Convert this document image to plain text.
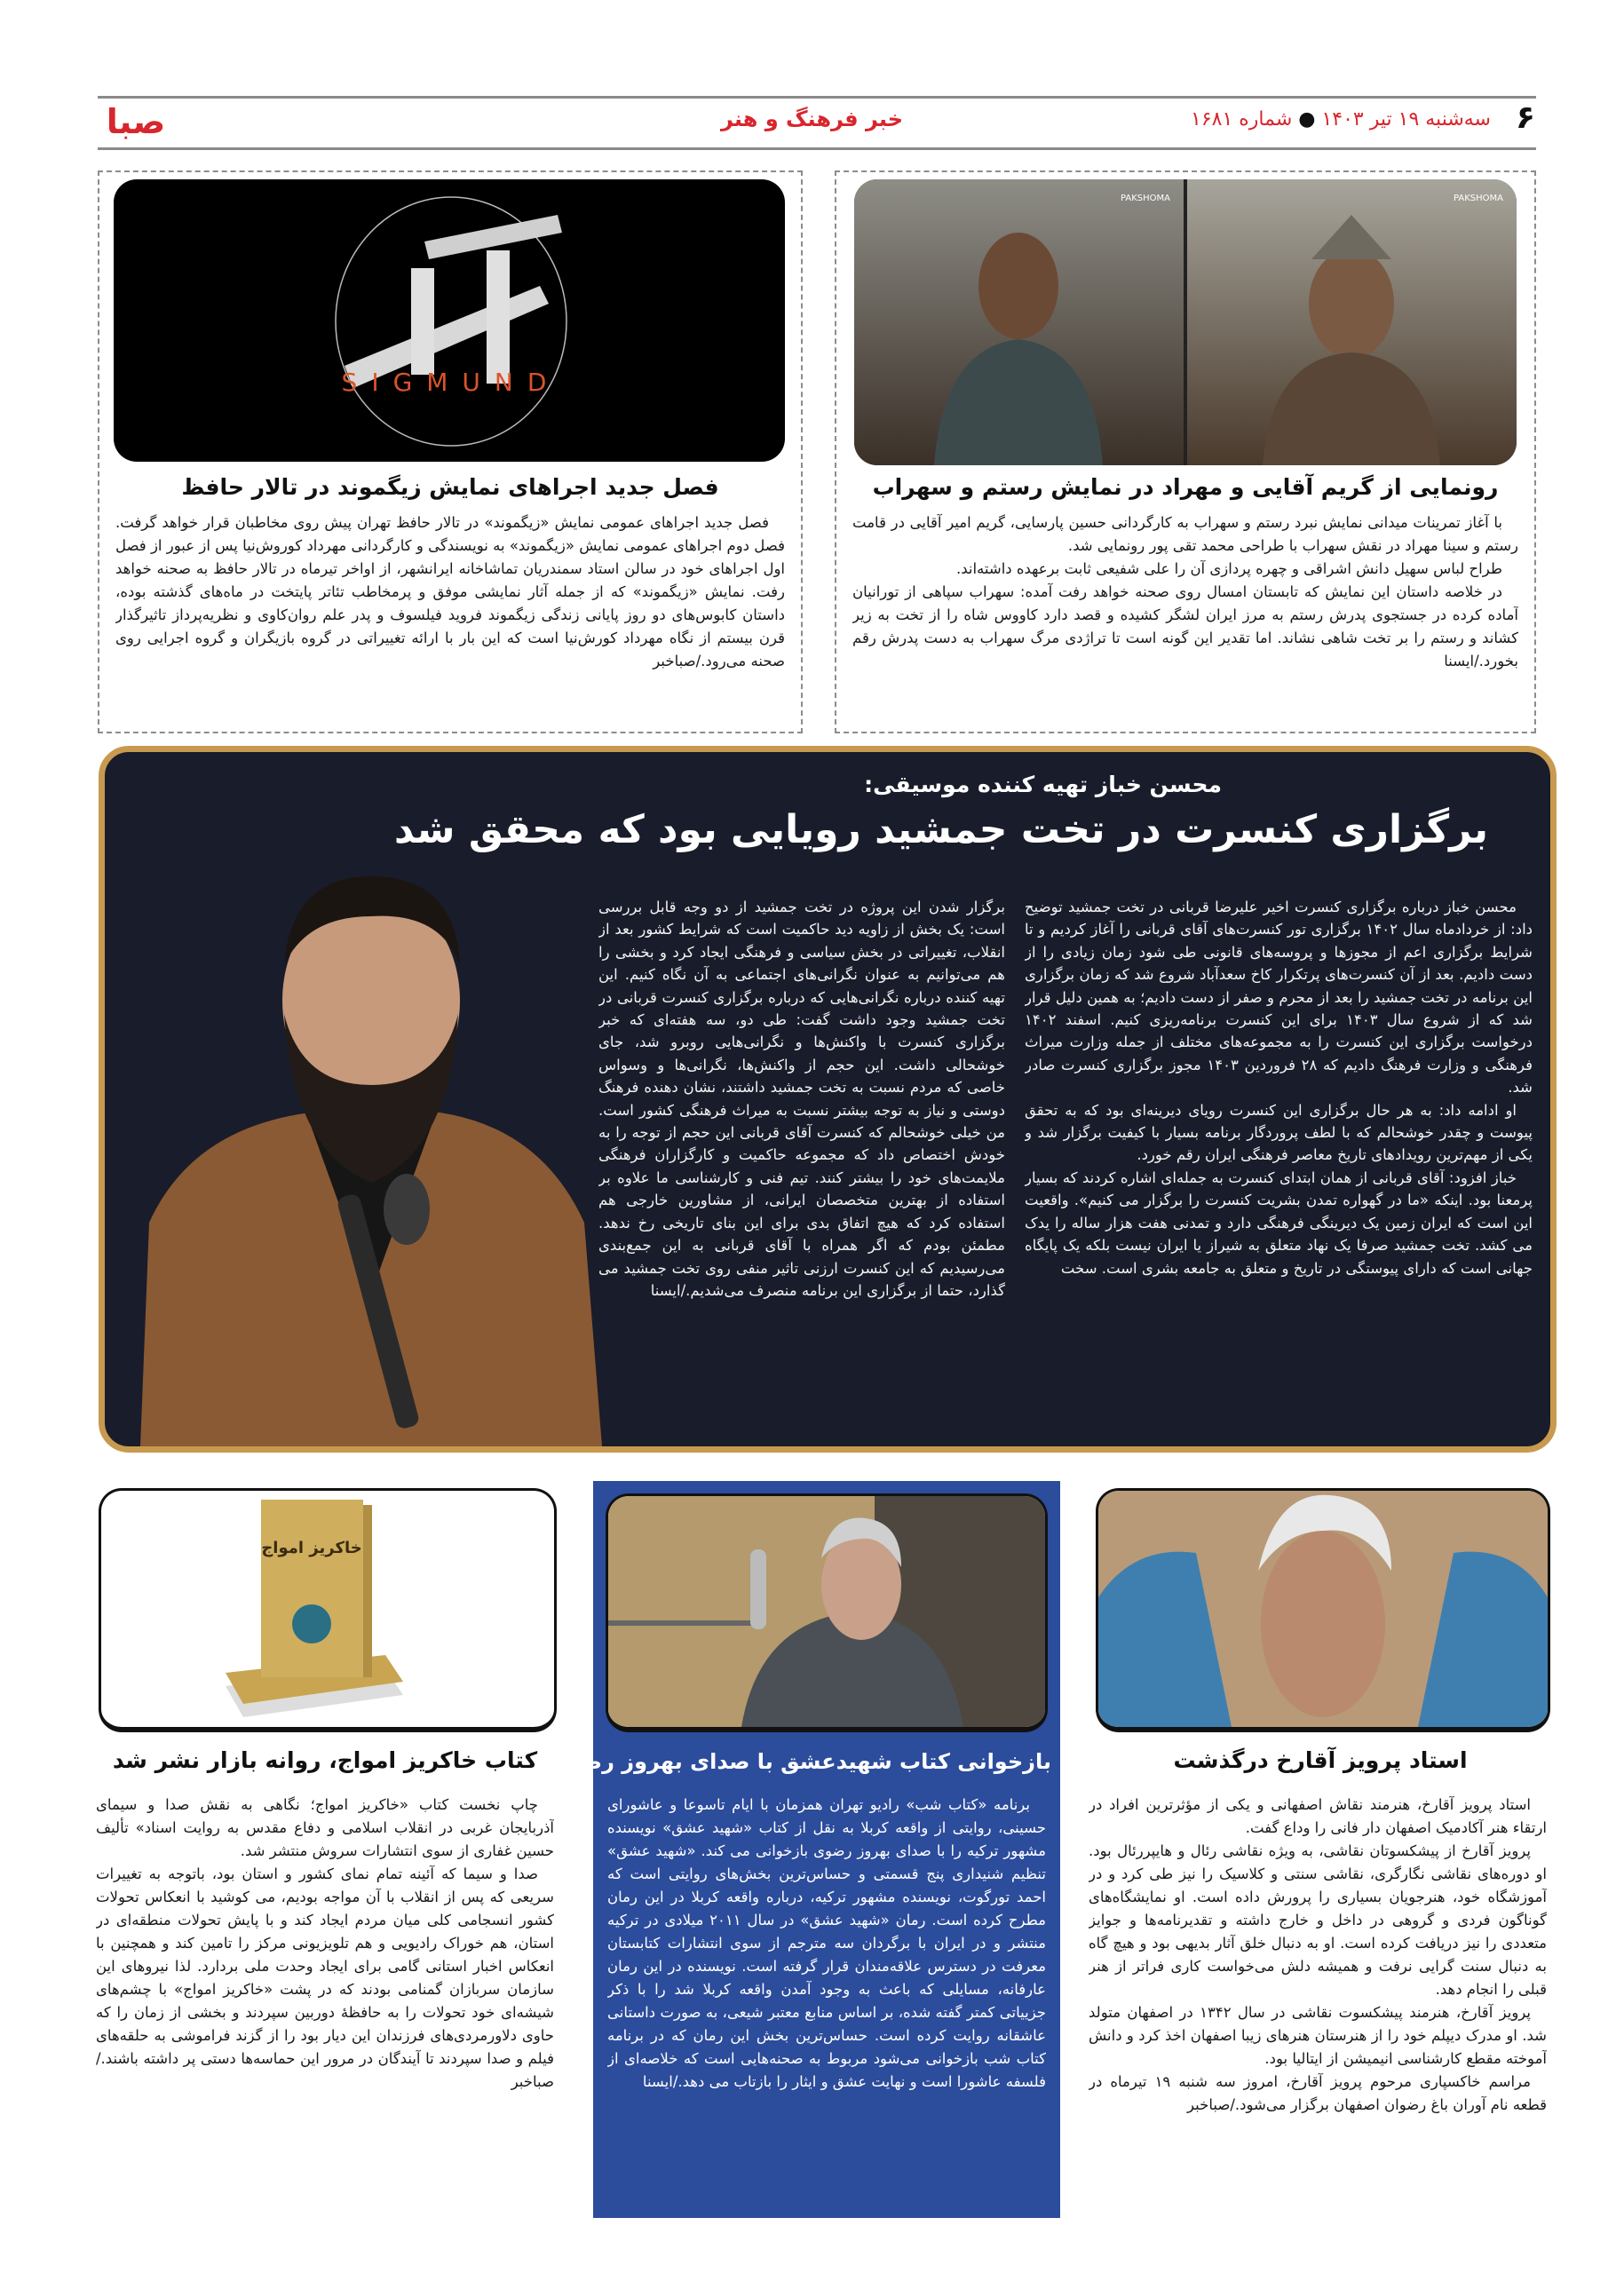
۶
سه‌شنبه ۱۹ تیر ۱۴۰۳ ● شماره ۱۶۸۱
خبر فرهنگ و هنر
صبا
PAKSHOMA	PAKSHOMA
رونمایی از گریم آقایی و مهراد در نمایش رستم و سهراب

با آغاز تمرینات میدانی نمایش نبرد رستم و سهراب به کارگردانی حسین پارسایی، گریم امیر آقایی در قامت رستم و سینا مهراد در نقش سهراب با طراحی محمد تقی پور رونمایی شد.

طراح لباس سهیل دانش اشراقی و چهره پردازی آن را علی شفیعی ثابت برعهده داشته‌اند.

در خلاصه داستان این نمایش که تابستان امسال روی صحنه خواهد رفت آمده: سهراب سپاهی از تورانیان آماده کرده در جستجوی پدرش رستم به مرز ایران لشگر کشیده و قصد دارد کاووس شاه را از تخت به زیر کشاند و رستم را بر تخت شاهی نشاند. اما تقدیر این گونه است تا تراژدی مرگ سهراب به دست پدرش رقم بخورد./ایسنا

SIGMUND
فصل جدید اجراهای نمایش زیگموند در تالار حافظ

فصل جدید اجراهای عمومی نمایش «زیگموند» در تالار حافظ تهران پیش روی مخاطبان قرار خواهد گرفت. فصل دوم اجراهای عمومی نمایش «زیگموند» به نویسندگی و کارگردانی مهرداد کوروش‌نیا پس از عبور از فصل اول اجراهای خود در سالن استاد سمندریان تماشاخانه ایرانشهر، از اواخر تیرماه در تالار حافظ به صحنه خواهد رفت. نمایش «زیگموند» که از جمله آثار نمایشی موفق و پرمخاطب تئاتر پایتخت در ماه‌های گذشته بوده، داستان کابوس‌های دو روز پایانی زندگی زیگموند فروید فیلسوف و پدر علم روان‌کاوی و نظریه‌پرداز تاثیرگذار قرن بیستم از نگاه مهرداد کورش‌نیا است که این بار با ارائه تغییراتی در گروه بازیگران و گروه اجرایی روی صحنه می‌رود./صباخبر

محسن خباز تهیه کننده موسیقی:
برگزاری کنسرت در تخت جمشید رویایی بود که محقق شد

محسن خباز درباره برگزاری کنسرت اخیر علیرضا قربانی در تخت جمشید توضیح داد: از خردادماه سال ۱۴۰۲ برگزاری تور کنسرت‌های آقای قربانی را آغاز کردیم و تا شرایط برگزاری اعم از مجوزها و پروسه‌های قانونی طی شود زمان زیادی را از دست دادیم. بعد از آن کنسرت‌های پرتکرار کاخ سعدآباد شروع شد که زمان برگزاری این برنامه در تخت جمشید را بعد از محرم و صفر از دست دادیم؛ به همین دلیل قرار شد که از شروع سال ۱۴۰۳ برای این کنسرت برنامه‌ریزی کنیم. اسفند ۱۴۰۲ درخواست برگزاری این کنسرت را به مجموعه‌های مختلف از جمله وزارت میراث فرهنگی و وزارت فرهنگ دادیم که ۲۸ فروردین ۱۴۰۳ مجوز برگزاری کنسرت صادر شد.

او ادامه داد: به هر حال برگزاری این کنسرت رویای دیرینه‌ای بود که به تحقق پیوست و چقدر خوشحالم که با لطف پروردگار برنامه بسیار با کیفیت برگزار شد و یکی از مهم‌ترین رویدادهای تاریخ معاصر فرهنگی ایران رقم خورد.

خباز افزود: آقای قربانی از همان ابتدای کنسرت به جمله‌ای اشاره کردند که بسیار پرمعنا بود. اینکه «ما در گهواره تمدن بشریت کنسرت را برگزار می کنیم». واقعیت این است که ایران زمین یک دیرینگی فرهنگی دارد و تمدنی هفت هزار ساله را یدک می کشد. تخت جمشید صرفا یک نهاد متعلق به شیراز یا ایران نیست بلکه یک پایگاه جهانی است که دارای پیوستگی در تاریخ و متعلق به جامعه بشری است. سخت

برگزار شدن این پروژه در تخت جمشید از دو وجه قابل بررسی است: یک بخش از زاویه دید حاکمیت است که شرایط کشور بعد از انقلاب، تغییراتی در بخش سیاسی و فرهنگی ایجاد کرد و بخشی را هم می‌توانیم به عنوان نگرانی‌های اجتماعی به آن نگاه کنیم. این تهیه کننده درباره نگرانی‌هایی که درباره برگزاری کنسرت قربانی در تخت جمشید وجود داشت گفت: طی دو، سه هفته‌ای که خبر برگزاری کنسرت با واکنش‌ها و نگرانی‌هایی روبرو شد، جای خوشحالی داشت. این حجم از واکنش‌ها، نگرانی‌ها و وسواس خاصی که مردم نسبت به تخت جمشید داشتند، نشان دهنده فرهنگ دوستی و نیاز به توجه بیشتر نسبت به میراث فرهنگی کشور است. من خیلی خوشحالم که کنسرت آقای قربانی این حجم از توجه را به خودش اختصاص داد که مجموعه حاکمیت و کارگزاران فرهنگی ملایمت‌های خود را بیشتر کنند. تیم فنی و کارشناسی ما علاوه بر استفاده از بهترین متخصصان ایرانی، از مشاورین خارجی هم استفاده کرد که هیچ اتفاق بدی برای این بنای تاریخی رخ ندهد. مطمئن بودم که اگر همراه با آقای قربانی به این جمع‌بندی می‌رسیدیم که این کنسرت ارزنی تاثیر منفی روی تخت جمشید می گذارد، حتما از برگزاری این برنامه منصرف می‌شدیم./ایسنا

استاد پرویز آقارخ درگذشت

استاد پرویز آقارخ، هنرمند نقاش اصفهانی و یکی از مؤثرترین افراد در ارتقاء هنر آکادمیک اصفهان دار فانی را وداع گفت.

پرویز آقارخ از پیشکسوتان نقاشی، به ویژه نقاشی رئال و هایپررئال بود. او دوره‌های نقاشی نگارگری، نقاشی سنتی و کلاسیک را نیز طی کرد و در آموزشگاه خود، هنرجویان بسیاری را پرورش داده است. او نمایشگاه‌های گوناگون فردی و گروهی در داخل و خارج داشته و تقدیرنامه‌ها و جوایز متعددی را نیز دریافت کرده است. او به دنبال خلق آثار بدیهی بود و هیچ گاه به دنبال سنت گرایی نرفت و همیشه دلش می‌خواست کاری فراتر از هنر قبلی را انجام دهد.

پرویز آقارخ، هنرمند پیشکسوت نقاشی در سال ۱۳۴۲ در اصفهان متولد شد. او مدرک دیپلم خود را از هنرستان هنرهای زیبا اصفهان اخذ کرد و دانش آموخته مقطع کارشناسی انیمیشن از ایتالیا بود.

مراسم خاکسپاری مرحوم پرویز آقارخ، امروز سه شنبه ۱۹ تیرماه در قطعه نام آوران باغ رضوان اصفهان برگزار می‌شود./صباخبر

بازخوانی کتاب شهیدعشق با صدای بهروز رضوی

برنامه «کتاب شب» رادیو تهران همزمان با ایام تاسوعا و عاشورای حسینی، روایتی از واقعه کربلا به نقل از کتاب «شهید عشق» نویسنده مشهور ترکیه را با صدای بهروز رضوی بازخوانی می کند. «شهید عشق» تنظیم شنیداری پنج قسمتی و حساس‌ترین بخش‌های روایتی است که احمد تورگوت، نویسنده مشهور ترکیه، درباره واقعه کربلا در این رمان مطرح کرده است. رمان «شهید عشق» در سال ۲۰۱۱ میلادی در ترکیه منتشر و در ایران با برگردان سه مترجم از سوی انتشارات کتابستان معرفت در دسترس علاقه‌مندان قرار گرفته است. نویسنده در این رمان عارفانه، مسایلی که باعث به وجود آمدن واقعه کربلا شد را با ذکر جزییاتی کمتر گفته شده، بر اساس منابع معتبر شیعی، به صورت داستانی عاشقانه روایت کرده است. حساس‌ترین بخش این رمان که در برنامه کتاب شب بازخوانی می‌شود مربوط به صحنه‌هایی است که خلاصه‌ای از فلسفه عاشورا است و نهایت عشق و ایثار را بازتاب می دهد./ایسنا

خاکریز امواج
کتاب خاکریز امواج، روانه بازار نشر شد

چاپ نخست کتاب «خاکریز امواج؛ نگاهی به نقش صدا و سیمای آذربایجان غربی در انقلاب اسلامی و دفاع مقدس به روایت اسناد» تألیف حسین غفاری از سوی انتشارات سروش منتشر شد.

صدا و سیما که آئینه تمام نمای کشور و استان بود، باتوجه به تغییرات سریعی که پس از انقلاب با آن مواجه بودیم، می کوشید با انعکاس تحولات کشور انسجامی کلی میان مردم ایجاد کند و با پایش تحولات منطقه‌ای در استان، هم خوراک رادیویی و هم تلویزیونی مرکز را تامین کند و همچنین با انعکاس اخبار استانی گامی برای ایجاد وحدت ملی بردارد. لذا نیروهای این سازمان سربازان گمنامی بودند که در پشت «خاکریز امواج» با چشم‌های شیشه‌ای خود تحولات را به حافظهٔ دوربین سپردند و بخشی از زمان را که حاوی دلاورمردی‌های فرزندان این دیار بود را از گزند فراموشی به حلقه‌های فیلم و صدا سپردند تا آیندگان در مرور این حماسه‌ها دستی پر داشته باشند./صباخبر
